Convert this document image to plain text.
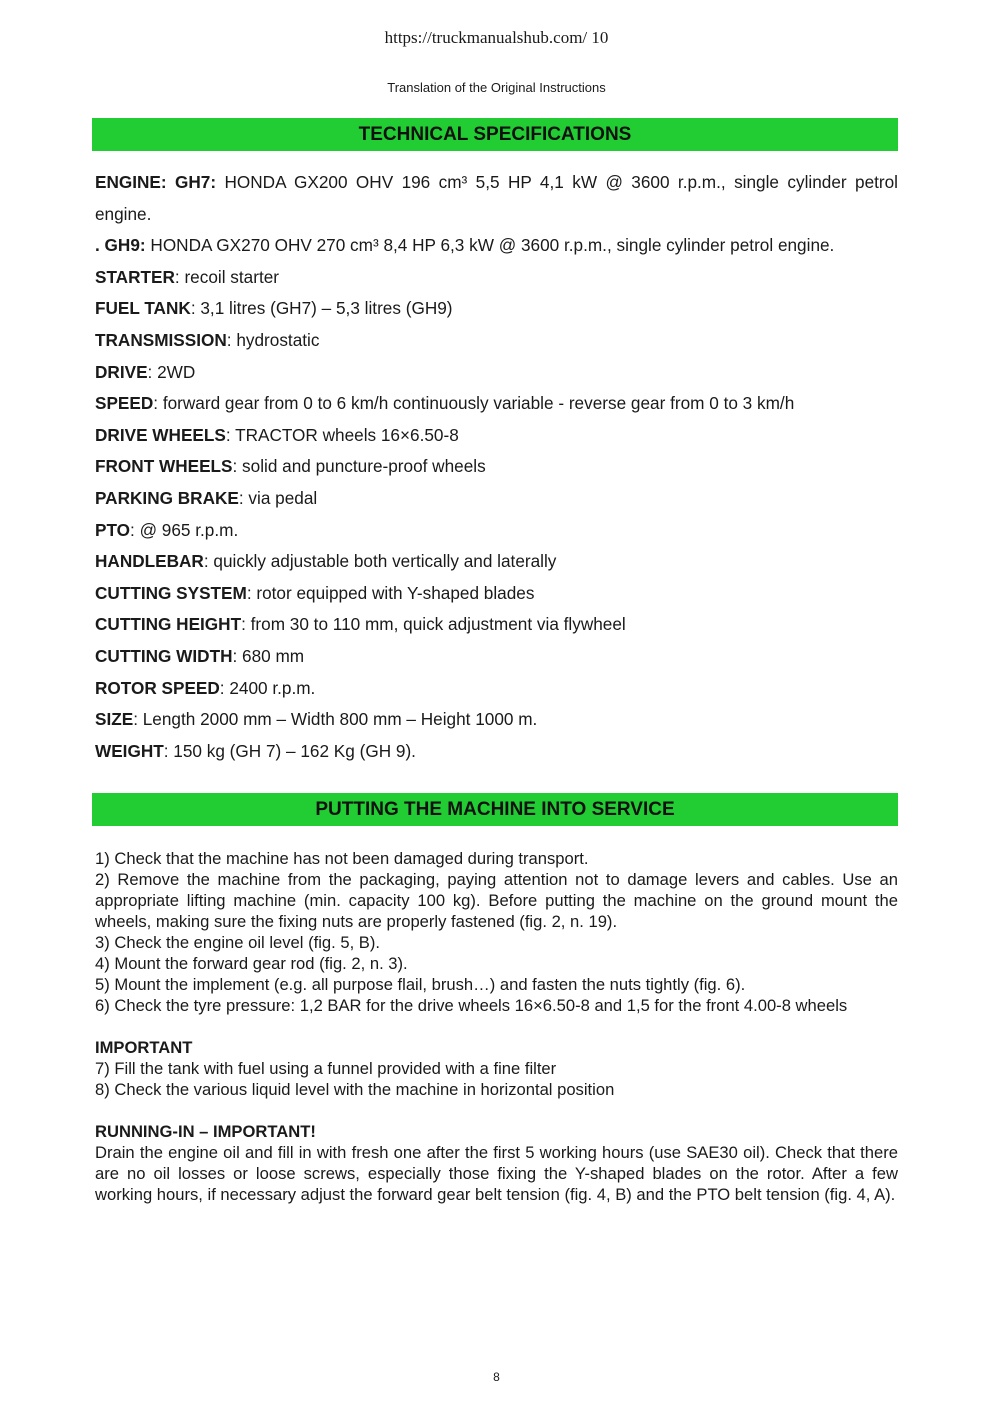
https://truckmanualshub.com/ 10
Translation of the Original Instructions
TECHNICAL SPECIFICATIONS

ENGINE: GH7: HONDA GX200 OHV 196 cm³ 5,5 HP 4,1 kW @ 3600 r.p.m., single cylinder petrol engine.

. GH9: HONDA GX270 OHV 270 cm³ 8,4 HP 6,3 kW @ 3600 r.p.m., single cylinder petrol engine.

STARTER: recoil starter

FUEL TANK: 3,1 litres (GH7) – 5,3 litres (GH9)

TRANSMISSION: hydrostatic

DRIVE: 2WD

SPEED: forward gear from 0 to 6 km/h continuously variable - reverse gear from 0 to 3 km/h

DRIVE WHEELS: TRACTOR wheels 16×6.50-8

FRONT WHEELS: solid and puncture-proof wheels

PARKING BRAKE: via pedal

PTO: @ 965 r.p.m.

HANDLEBAR: quickly adjustable both vertically and laterally

CUTTING SYSTEM: rotor equipped with Y-shaped blades

CUTTING HEIGHT: from 30 to 110 mm, quick adjustment via flywheel

CUTTING WIDTH: 680 mm

ROTOR SPEED: 2400 r.p.m.

SIZE: Length 2000 mm – Width 800 mm – Height 1000 m.

WEIGHT: 150 kg (GH 7) – 162 Kg (GH 9).

PUTTING THE MACHINE INTO SERVICE

1) Check that the machine has not been damaged during transport.

2) Remove the machine from the packaging, paying attention not to damage levers and cables. Use an appropriate lifting machine (min. capacity 100 kg). Before putting the machine on the ground mount the wheels, making sure the fixing nuts are properly fastened (fig. 2, n. 19).

3) Check the engine oil level (fig. 5, B).

4) Mount the forward gear rod (fig. 2, n. 3).

5) Mount the implement (e.g. all purpose flail, brush…) and fasten the nuts tightly (fig. 6).

6) Check the tyre pressure: 1,2 BAR for the drive wheels 16×6.50-8 and 1,5 for the front 4.00-8 wheels

IMPORTANT

7) Fill the tank with fuel using a funnel provided with a fine filter

8) Check the various liquid level with the machine in horizontal position

RUNNING-IN – IMPORTANT!

Drain the engine oil and fill in with fresh one after the first 5 working hours (use SAE30 oil). Check that there are no oil losses or loose screws, especially those fixing the Y-shaped blades on the rotor. After a few working hours, if necessary adjust the forward gear belt tension (fig. 4, B) and the PTO belt tension (fig. 4, A).

8
